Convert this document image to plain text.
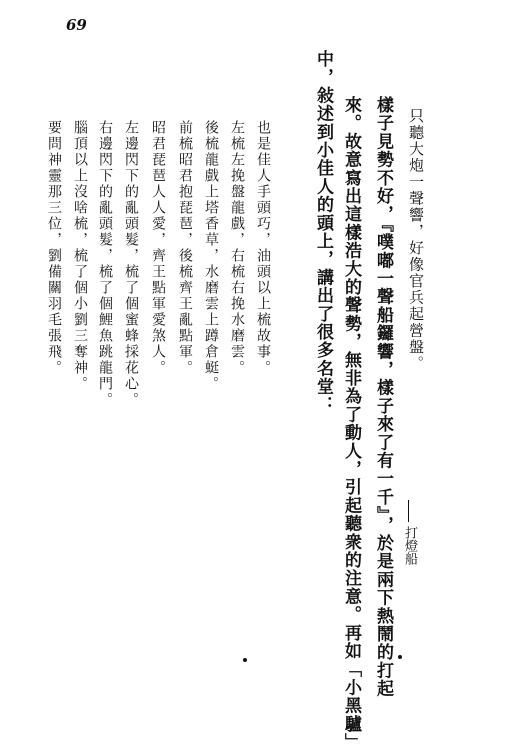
69
只聽大炮一聲響，好像官兵起營盤。
樣子見勢不好，『噗嘟一聲船鑼響，樣子來了有一千』，於是兩下熱鬧的打起
來。故意寫出這樣浩大的聲勢，無非為了動人，引起聽衆的注意。再如「小黑驢」
中，敍述到小佳人的頭上，講出了很多名堂：
也是佳人手頭巧，油頭以上梳故事。
左梳左挽盤龍戲，右梳右挽水磨雲。
後梳龍戲上塔香草，水磨雲上蹲倉蜓。
前梳昭君抱琵琶，後梳齊王亂點軍。
昭君琵琶人人愛，齊王點軍愛煞人。
左邊閃下的亂頭髮，梳了個蜜蜂採花心。
右邊閃下的亂頭髮，梳了個鯉魚跳龍門。
腦頂以上沒啥梳，梳了個小劉三奪神。
要問神靈那三位，劉備關羽毛張飛。
打燈船
